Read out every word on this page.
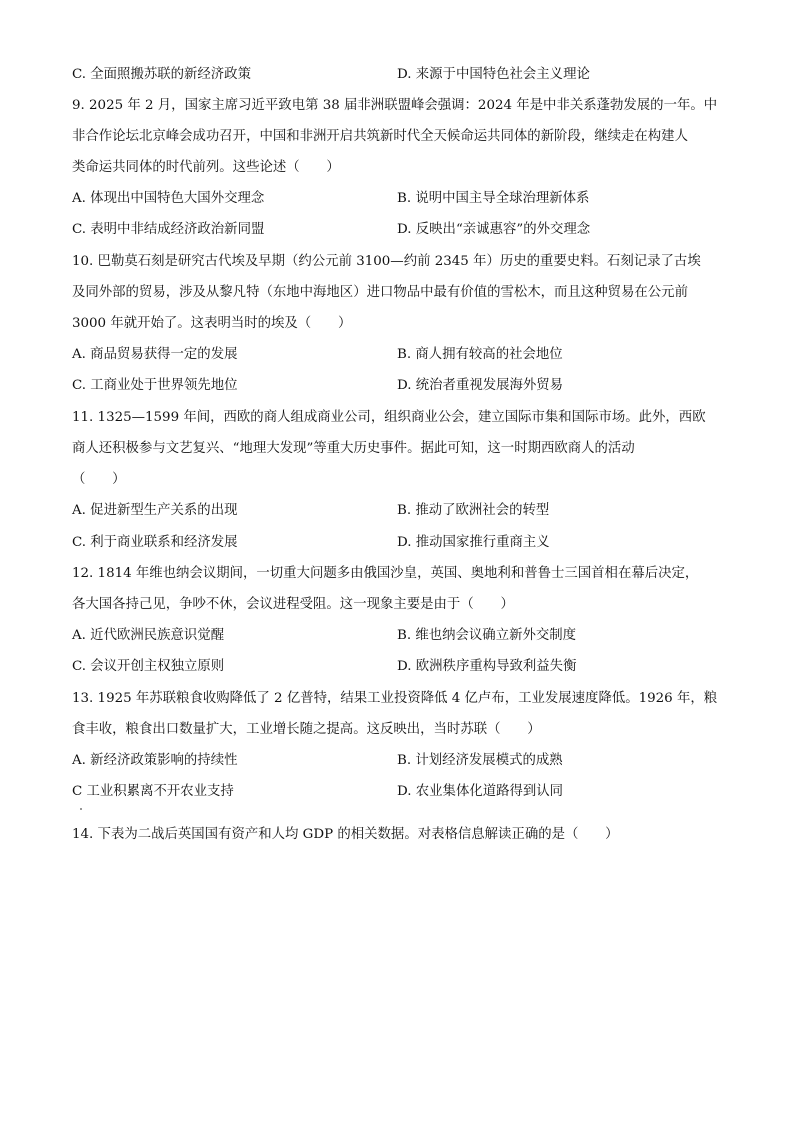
C. 全面照搬苏联的新经济政策	D. 来源于中国特色社会主义理论
9. 2025 年 2 月，国家主席习近平致电第 38 届非洲联盟峰会强调：2024 年是中非关系蓬勃发展的一年。中
非合作论坛北京峰会成功召开，中国和非洲开启共筑新时代全天候命运共同体的新阶段，继续走在构建人
类命运共同体的时代前列。这些论述（　　）
A. 体现出中国特色大国外交理念	B. 说明中国主导全球治理新体系
C. 表明中非结成经济政治新同盟	D. 反映出“亲诚惠容”的外交理念
10. 巴勒莫石刻是研究古代埃及早期（约公元前 3100—约前 2345 年）历史的重要史料。石刻记录了古埃
及同外部的贸易，涉及从黎凡特（东地中海地区）进口物品中最有价值的雪松木，而且这种贸易在公元前
3000 年就开始了。这表明当时的埃及（　　）
A. 商品贸易获得一定的发展	B. 商人拥有较高的社会地位
C. 工商业处于世界领先地位	D. 统治者重视发展海外贸易
11. 1325—1599 年间，西欧的商人组成商业公司，组织商业公会，建立国际市集和国际市场。此外，西欧
商人还积极参与文艺复兴、“地理大发现”等重大历史事件。据此可知，这一时期西欧商人的活动
（　　）
A. 促进新型生产关系的出现	B. 推动了欧洲社会的转型
C. 利于商业联系和经济发展	D. 推动国家推行重商主义
12. 1814 年维也纳会议期间，一切重大问题多由俄国沙皇，英国、奥地利和普鲁士三国首相在幕后决定，
各大国各持己见，争吵不休，会议进程受阻。这一现象主要是由于（　　）
A. 近代欧洲民族意识觉醒	B. 维也纳会议确立新外交制度
C. 会议开创主权独立原则	D. 欧洲秩序重构导致利益失衡
13. 1925 年苏联粮食收购降低了 2 亿普特，结果工业投资降低 4 亿卢布，工业发展速度降低。1926 年，粮
食丰收，粮食出口数量扩大，工业增长随之提高。这反映出，当时苏联（　　）
A. 新经济政策影响的持续性	B. 计划经济发展模式的成熟
C 工业积累离不开农业支持	D. 农业集体化道路得到认同
14. 下表为二战后英国国有资产和人均 GDP 的相关数据。对表格信息解读正确的是（　　）
